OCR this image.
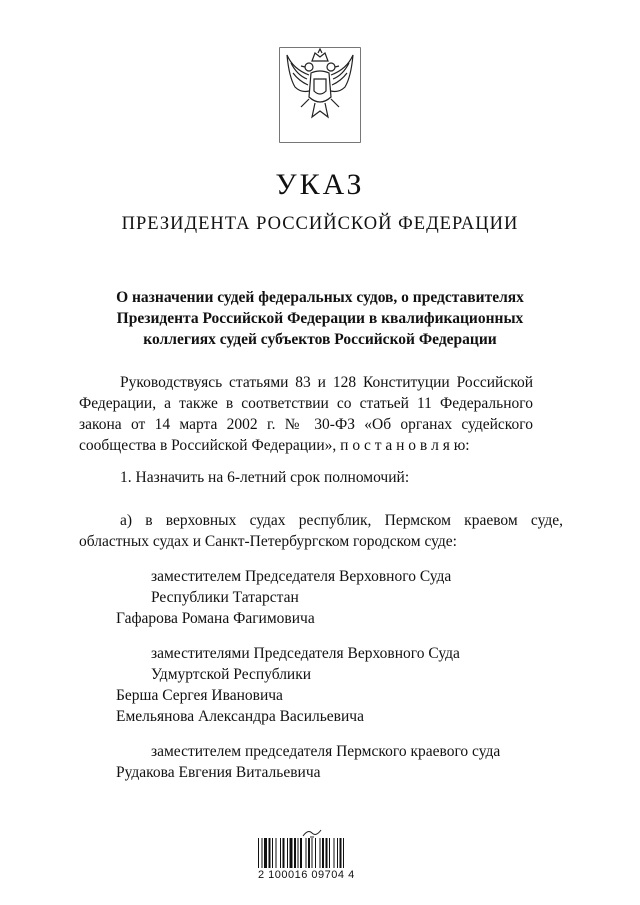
УКАЗ
ПРЕЗИДЕНТА РОССИЙСКОЙ ФЕДЕРАЦИИ
О назначении судей федеральных судов, о представителях
Президента Российской Федерации в квалификационных
коллегиях судей субъектов Российской Федерации
Руководствуясь статьями 83 и 128 Конституции Российской
Федерации, а также в соответствии со статьей 11 Федерального
закона от 14 марта 2002 г. № 30-ФЗ «Об органах судейского
сообщества в Российской Федерации», п о с т а н о в л я ю:
1. Назначить на 6-летний срок полномочий:
а) в верховных судах республик, Пермском краевом суде,
областных судах и Санкт-Петербургском городском суде:
заместителем Председателя Верховного Суда
Республики Татарстан
Гафарова Романа Фагимовича
заместителями Председателя Верховного Суда
Удмуртской Республики
Берша Сергея Ивановича
Емельянова Александра Васильевича
заместителем председателя Пермского краевого суда
Рудакова Евгения Витальевича
2 100016 09704 4
